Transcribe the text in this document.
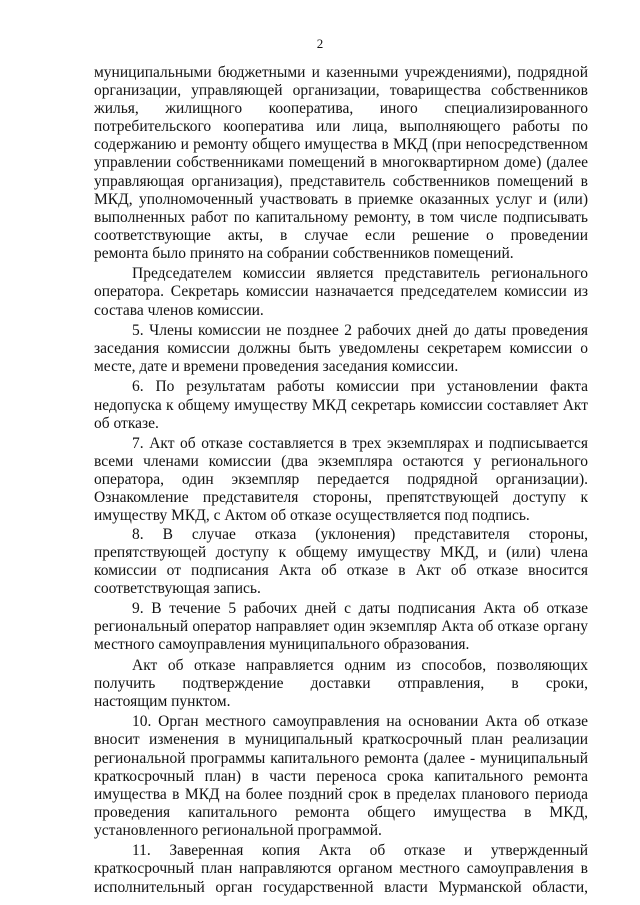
2
муниципальными бюджетными и казенными учреждениями), подрядной
организации, управляющей организации, товарищества собственников
жилья, жилищного кооператива, иного специализированного
потребительского кооператива или лица, выполняющего работы по
содержанию и ремонту общего имущества в МКД (при непосредственном
управлении собственниками помещений в многоквартирном доме) (далее
управляющая организация), представитель собственников помещений в
МКД, уполномоченный участвовать в приемке оказанных услуг и (или)
выполненных работ по капитальному ремонту, в том числе подписывать
соответствующие акты, в случае если решение о проведении
ремонта было принято на собрании собственников помещений.
Председателем комиссии является представитель регионального
оператора. Секретарь комиссии назначается председателем комиссии из
состава членов комиссии.
5. Члены комиссии не позднее 2 рабочих дней до даты проведения
заседания комиссии должны быть уведомлены секретарем комиссии о
месте, дате и времени проведения заседания комиссии.
6. По результатам работы комиссии при установлении факта
недопуска к общему имуществу МКД секретарь комиссии составляет Акт
об отказе.
7. Акт об отказе составляется в трех экземплярах и подписывается
всеми членами комиссии (два экземпляра остаются у регионального
оператора, один экземпляр передается подрядной организации).
Ознакомление представителя стороны, препятствующей доступу к
имуществу МКД, с Актом об отказе осуществляется под подпись.
8. В случае отказа (уклонения) представителя стороны,
препятствующей доступу к общему имуществу МКД, и (или) члена
комиссии от подписания Акта об отказе в Акт об отказе вносится
соответствующая запись.
9. В течение 5 рабочих дней с даты подписания Акта об отказе
региональный оператор направляет один экземпляр Акта об отказе органу
местного самоуправления муниципального образования.
Акт об отказе направляется одним из способов, позволяющих
получить подтверждение доставки отправления, в сроки,
настоящим пунктом.
10. Орган местного самоуправления на основании Акта об отказе
вносит изменения в муниципальный краткосрочный план реализации
региональной программы капитального ремонта (далее - муниципальный
краткосрочный план) в части переноса срока капитального ремонта
имущества в МКД на более поздний срок в пределах планового периода
проведения капитального ремонта общего имущества в МКД,
установленного региональной программой.
11. Заверенная копия Акта об отказе и утвержденный
краткосрочный план направляются органом местного самоуправления в
исполнительный орган государственной власти Мурманской области,
